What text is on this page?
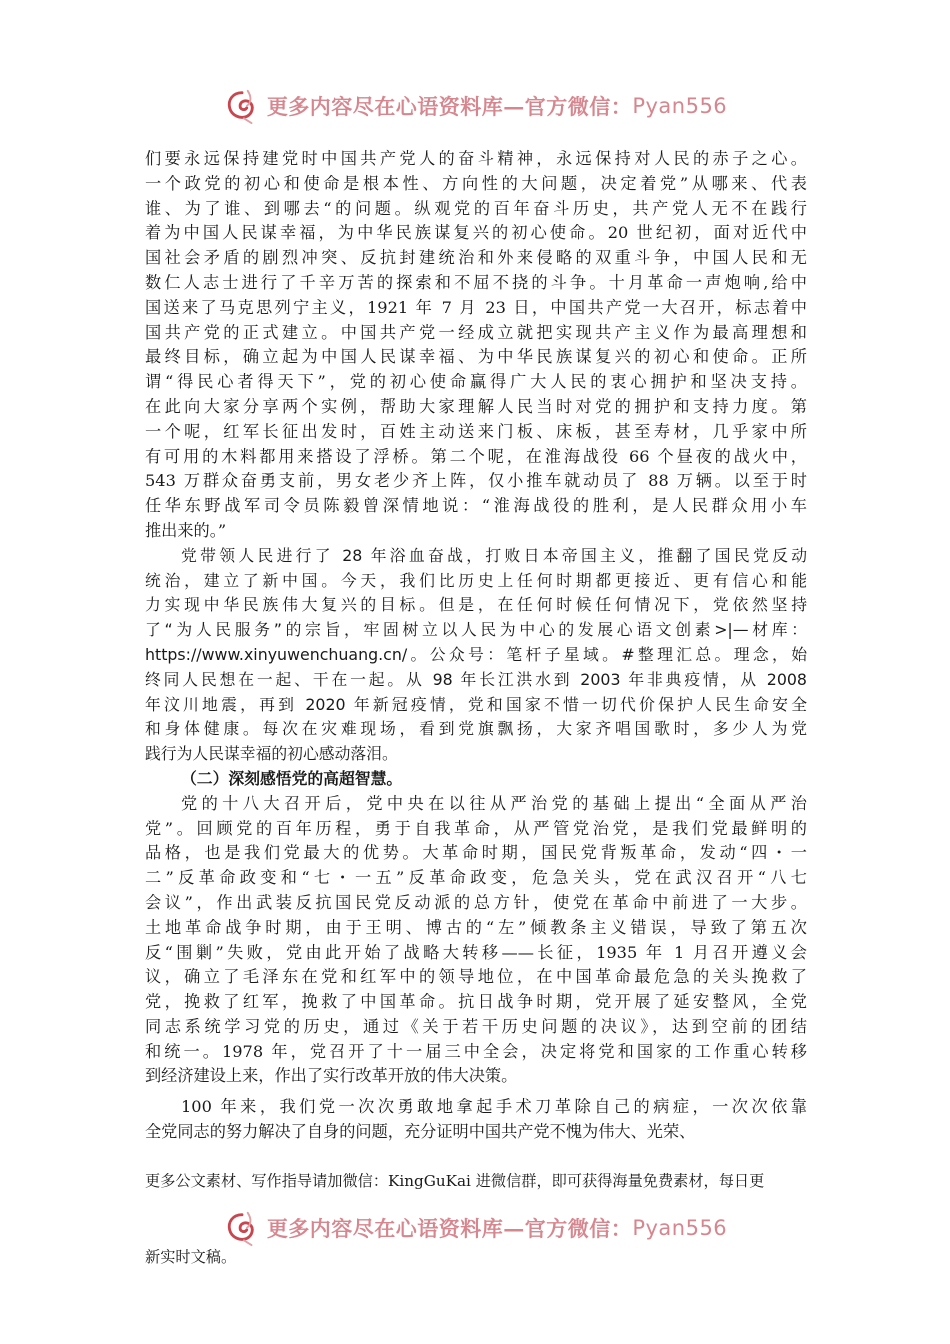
更多内容尽在心语资料库—官方微信： Pyan556
们要永远保持建党时中国共产党人的奋斗精神，永远保持对人民的赤子之心。
一个政党的初心和使命是根本性、方向性的大问题，决定着党”从哪来、代表
谁、为了谁、到哪去“的问题。纵观党的百年奋斗历史，共产党人无不在践行
着为中国人民谋幸福，为中华民族谋复兴的初心使命。20 世纪初，面对近代中
国社会矛盾的剧烈冲突、反抗封建统治和外来侵略的双重斗争，中国人民和无
数仁人志士进行了千辛万苦的探索和不屈不挠的斗争。十月革命一声炮响,给中
国送来了马克思列宁主义，1921 年 7 月 23 日，中国共产党一大召开，标志着中
国共产党的正式建立。中国共产党一经成立就把实现共产主义作为最高理想和
最终目标，确立起为中国人民谋幸福、为中华民族谋复兴的初心和使命。正所
谓“得民心者得天下”，党的初心使命赢得广大人民的衷心拥护和坚决支持。
在此向大家分享两个实例，帮助大家理解人民当时对党的拥护和支持力度。第
一个呢，红军长征出发时，百姓主动送来门板、床板，甚至寿材，几乎家中所
有可用的木料都用来搭设了浮桥。第二个呢，在淮海战役 66 个昼夜的战火中，
543 万群众奋勇支前，男女老少齐上阵，仅小推车就动员了 88 万辆。以至于时
任华东野战军司令员陈毅曾深情地说：“淮海战役的胜利，是人民群众用小车
推出来的。”
党带领人民进行了 28 年浴血奋战，打败日本帝国主义，推翻了国民党反动
统治，建立了新中国。今天，我们比历史上任何时期都更接近、更有信心和能
力实现中华民族伟大复兴的目标。但是，在任何时候任何情况下，党依然坚持
了“为人民服务”的宗旨，牢固树立以人民为中心的发展心语文创素>|—材库：
https://www.xinyuwenchuang.cn/。公众号：笔杆子星域。#整理汇总。理念，始
终同人民想在一起、干在一起。从 98 年长江洪水到 2003 年非典疫情，从 2008
年汶川地震，再到 2020 年新冠疫情，党和国家不惜一切代价保护人民生命安全
和身体健康。每次在灾难现场，看到党旗飘扬，大家齐唱国歌时，多少人为党
践行为人民谋幸福的初心感动落泪。
（二）深刻感悟党的高超智慧。
党的十八大召开后，党中央在以往从严治党的基础上提出“全面从严治
党”。回顾党的百年历程，勇于自我革命，从严管党治党，是我们党最鲜明的
品格，也是我们党最大的优势。大革命时期，国民党背叛革命，发动“四・一
二”反革命政变和“七・一五”反革命政变，危急关头，党在武汉召开“八七
会议”，作出武装反抗国民党反动派的总方针，使党在革命中前进了一大步。
土地革命战争时期，由于王明、博古的“左”倾教条主义错误，导致了第五次
反“围剿”失败，党由此开始了战略大转移——长征，1935 年 1 月召开遵义会
议，确立了毛泽东在党和红军中的领导地位，在中国革命最危急的关头挽救了
党，挽救了红军，挽救了中国革命。抗日战争时期，党开展了延安整风，全党
同志系统学习党的历史，通过《关于若干历史问题的决议》，达到空前的团结
和统一。1978 年，党召开了十一届三中全会，决定将党和国家的工作重心转移
到经济建设上来，作出了实行改革开放的伟大决策。
100 年来，我们党一次次勇敢地拿起手术刀革除自己的病症，一次次依靠
全党同志的努力解决了自身的问题，充分证明中国共产党不愧为伟大、光荣、
更多公文素材、写作指导请加微信：KingGuKai 进微信群，即可获得海量免费素材，每日更
更多内容尽在心语资料库—官方微信： Pyan556
新实时文稿。
